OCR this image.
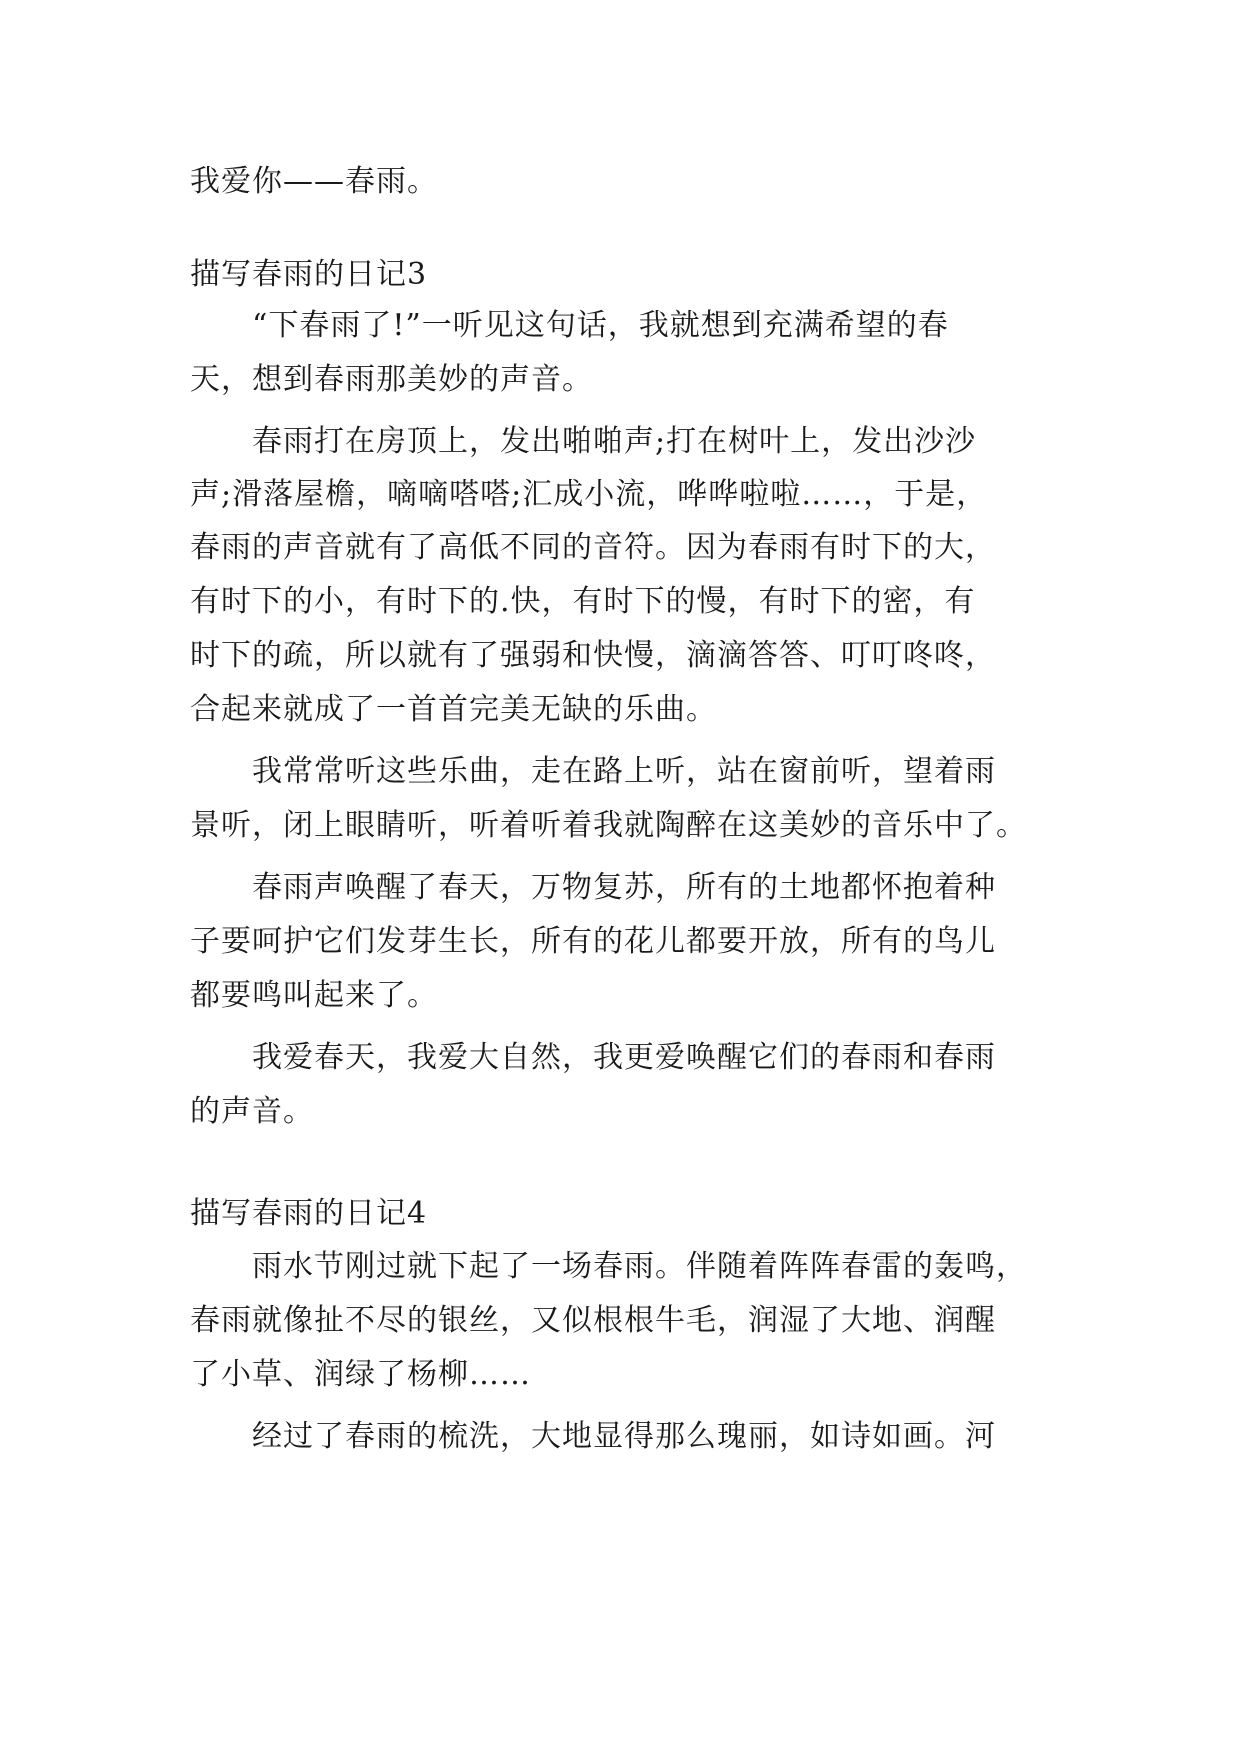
我爱你——春雨。
描写春雨的日记3
　　“下春雨了!”一听见这句话，我就想到充满希望的春
天，想到春雨那美妙的声音。
　　春雨打在房顶上，发出啪啪声;打在树叶上，发出沙沙
声;滑落屋檐，嘀嘀嗒嗒;汇成小流，哗哗啦啦……，于是，
春雨的声音就有了高低不同的音符。因为春雨有时下的大，
有时下的小，有时下的.快，有时下的慢，有时下的密，有
时下的疏，所以就有了强弱和快慢，滴滴答答、叮叮咚咚，
合起来就成了一首首完美无缺的乐曲。
　　我常常听这些乐曲，走在路上听，站在窗前听，望着雨
景听，闭上眼睛听，听着听着我就陶醉在这美妙的音乐中了。
　　春雨声唤醒了春天，万物复苏，所有的土地都怀抱着种
子要呵护它们发芽生长，所有的花儿都要开放，所有的鸟儿
都要鸣叫起来了。
　　我爱春天，我爱大自然，我更爱唤醒它们的春雨和春雨
的声音。
描写春雨的日记4
　　雨水节刚过就下起了一场春雨。伴随着阵阵春雷的轰鸣，
春雨就像扯不尽的银丝，又似根根牛毛，润湿了大地、润醒
了小草、润绿了杨柳……
　　经过了春雨的梳洗，大地显得那么瑰丽，如诗如画。河
